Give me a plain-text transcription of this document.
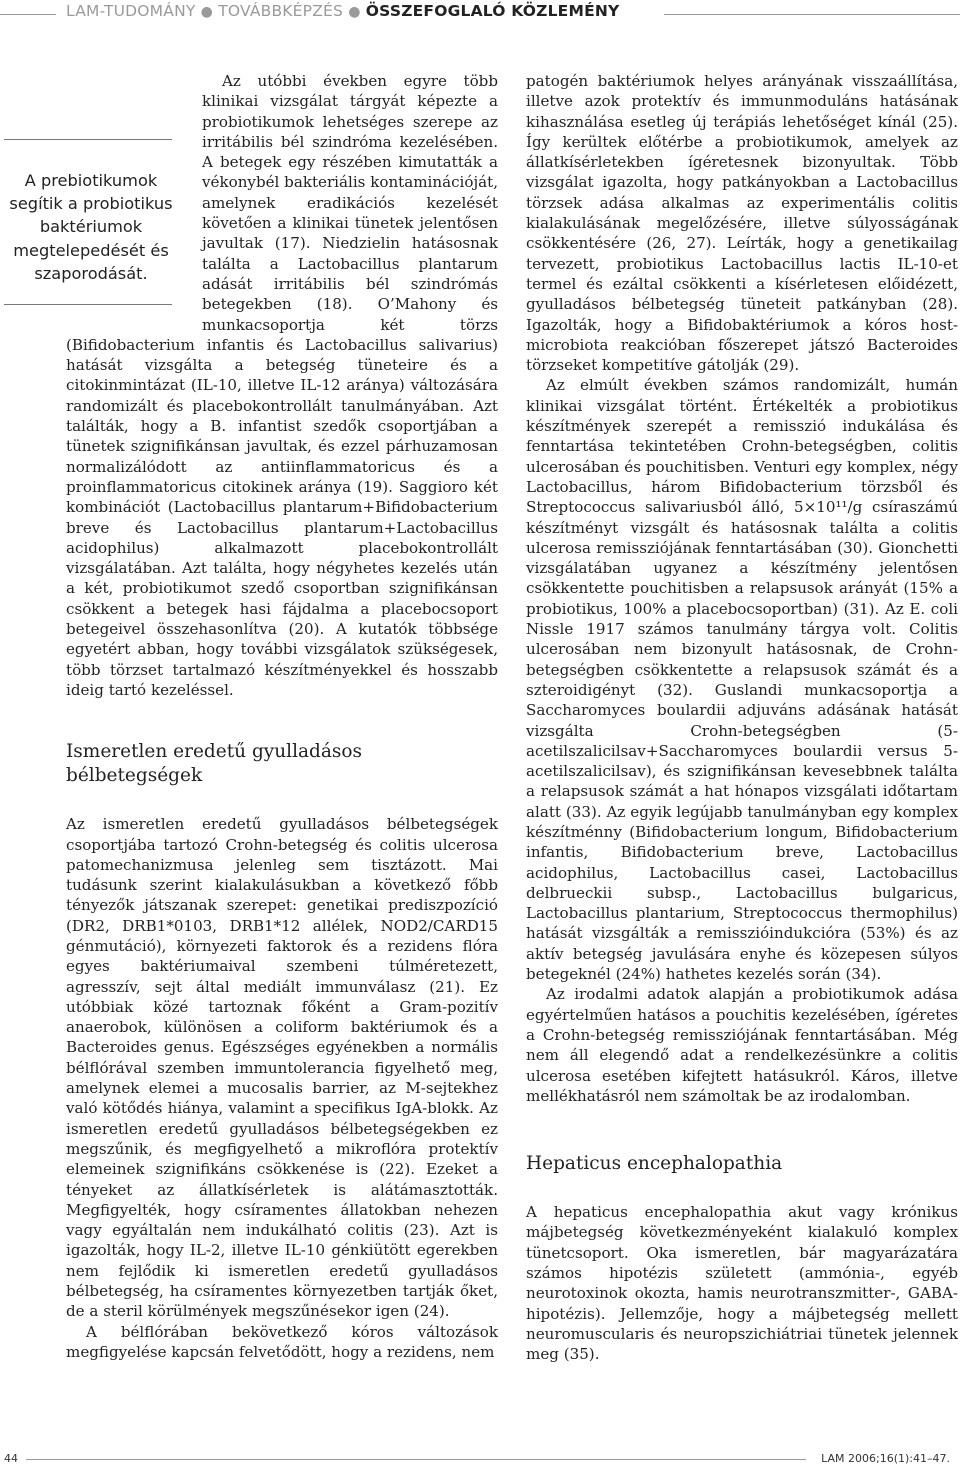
LAM-TUDOMÁNY ● TOVÁBBKÉPZÉS ● ÖSSZEFOGLALÓ KÖZLEMÉNY
A prebiotikumok segítik a probiotikus baktériumok megtelepedését és szaporodását.

Az utóbbi években egyre több klinikai vizsgálat tárgyát képezte a probiotikumok lehetséges szerepe az irritábilis bél szindróma kezelésében. A betegek egy részében kimutatták a vékonybél bakteriális kontaminációját, amelynek eradikációs kezelését követően a klinikai tünetek jelentősen javultak (17). Niedzielin hatásosnak találta a Lactobacillus plantarum adását irritábilis bél szindrómás betegekben (18). O’Mahony és munkacsoportja két törzs (Bifidobacterium infantis és Lactobacillus salivarius) hatását vizsgálta a betegség tüneteire és a citokinmintázat (IL-10, illetve IL-12 aránya) változására randomizált és placebokontrollált tanulmányában. Azt találták, hogy a B. infantist szedők csoportjában a tünetek szignifikánsan javultak, és ezzel párhuzamosan normalizálódott az antiinflammatoricus és a proinflammatoricus citokinek aránya (19). Saggioro két kombinációt (Lactobacillus plantarum+Bifidobacterium breve és Lactobacillus plantarum+Lactobacillus acidophilus) alkalmazott placebokontrollált vizsgálatában. Azt találta, hogy négyhetes kezelés után a két, probiotikumot szedő csoportban szignifikánsan csökkent a betegek hasi fájdalma a placebocsoport betegeivel összehasonlítva (20). A kutatók többsége egyetért abban, hogy további vizsgálatok szükségesek, több törzset tartalmazó készítményekkel és hosszabb ideig tartó kezeléssel.

Ismeretlen eredetű gyulladásos bélbetegségek

Az ismeretlen eredetű gyulladásos bélbetegségek csoportjába tartozó Crohn-betegség és colitis ulcerosa patomechanizmusa jelenleg sem tisztázott. Mai tudásunk szerint kialakulásukban a következő főbb tényezők játszanak szerepet: genetikai prediszpozíció (DR2, DRB1*0103, DRB1*12 allélek, NOD2/CARD15 génmutáció), környezeti faktorok és a rezidens flóra egyes baktériumaival szembeni túlméretezett, agresszív, sejt által mediált immunválasz (21). Ez utóbbiak közé tartoznak főként a Gram-pozitív anaerobok, különösen a coliform baktériumok és a Bacteroides genus. Egészséges egyénekben a normális bélflórával szemben immuntolerancia figyelhető meg, amelynek elemei a mucosalis barrier, az M-sejtekhez való kötődés hiánya, valamint a specifikus IgA-blokk. Az ismeretlen eredetű gyulladásos bélbetegségekben ez megszűnik, és megfigyelhető a mikroflóra protektív elemeinek szignifikáns csökkenése is (22). Ezeket a tényeket az állatkísérletek is alátámasztották. Megfigyelték, hogy csíramentes állatokban nehezen vagy egyáltalán nem indukálható colitis (23). Azt is igazolták, hogy IL-2, illetve IL-10 génkiütött egerekben nem fejlődik ki ismeretlen eredetű gyulladásos bélbetegség, ha csíramentes környezetben tartják őket, de a steril körülmények megszűnésekor igen (24).

A bélflórában bekövetkező kóros változások megfigyelése kapcsán felvetődött, hogy a rezidens, nem

patogén baktériumok helyes arányának visszaállítása, illetve azok protektív és immunmoduláns hatásának kihasználása esetleg új terápiás lehetőséget kínál (25). Így kerültek előtérbe a probiotikumok, amelyek az állatkísérletekben ígéretesnek bizonyultak. Több vizsgálat igazolta, hogy patkányokban a Lactobacillus törzsek adása alkalmas az experimentális colitis kialakulásának megelőzésére, illetve súlyosságának csökkentésére (26, 27). Leírták, hogy a genetikailag tervezett, probiotikus Lactobacillus lactis IL-10-et termel és ezáltal csökkenti a kísérletesen előidézett, gyulladásos bélbetegség tüneteit patkányban (28). Igazolták, hogy a Bifidobaktériumok a kóros host-microbiota reakcióban főszerepet játszó Bacteroides törzseket kompetitíve gátolják (29).

Az elmúlt években számos randomizált, humán klinikai vizsgálat történt. Értékelték a probiotikus készítmények szerepét a remisszió indukálása és fenntartása tekintetében Crohn-betegségben, colitis ulcerosában és pouchitisben. Venturi egy komplex, négy Lactobacillus, három Bifidobacterium törzsből és Streptococcus salivariusból álló, 5×10¹¹/g csíraszámú készítményt vizsgált és hatásosnak találta a colitis ulcerosa remissziójának fenntartásában (30). Gionchetti vizsgálatában ugyanez a készítmény jelentősen csökkentette pouchitisben a relapsusok arányát (15% a probiotikus, 100% a placebocsoportban) (31). Az E. coli Nissle 1917 számos tanulmány tárgya volt. Colitis ulcerosában nem bizonyult hatásosnak, de Crohn-betegségben csökkentette a relapsusok számát és a szteroidigényt (32). Guslandi munkacsoportja a Saccharomyces boulardii adjuváns adásának hatását vizsgálta Crohn-betegségben (5-acetilszalicilsav+Saccharomyces boulardii versus 5-acetilszalicilsav), és szignifikánsan kevesebbnek találta a relapsusok számát a hat hónapos vizsgálati időtartam alatt (33). Az egyik legújabb tanulmányban egy komplex készítménny (Bifidobacterium longum, Bifidobacterium infantis, Bifidobacterium breve, Lactobacillus acidophilus, Lactobacillus casei, Lactobacillus delbrueckii subsp., Lactobacillus bulgaricus, Lactobacillus plantarium, Streptococcus thermophilus) hatását vizsgálták a remisszióindukcióra (53%) és az aktív betegség javulására enyhe és közepesen súlyos betegeknél (24%) hathetes kezelés során (34).

Az irodalmi adatok alapján a probiotikumok adása egyértelműen hatásos a pouchitis kezelésében, ígéretes a Crohn-betegség remissziójának fenntartásában. Még nem áll elegendő adat a rendelkezésünkre a colitis ulcerosa esetében kifejtett hatásukról. Káros, illetve mellékhatásról nem számoltak be az irodalomban.

Hepaticus encephalopathia

A hepaticus encephalopathia akut vagy krónikus májbetegség következményeként kialakuló komplex tünetcsoport. Oka ismeretlen, bár magyarázatára számos hipotézis született (ammónia-, egyéb neurotoxinok okozta, hamis neurotranszmitter-, GABA-hipotézis). Jellemzője, hogy a májbetegség mellett neuromuscularis és neuropszichiátriai tünetek jelennek meg (35).

44	LAM 2006;16(1):41–47.
